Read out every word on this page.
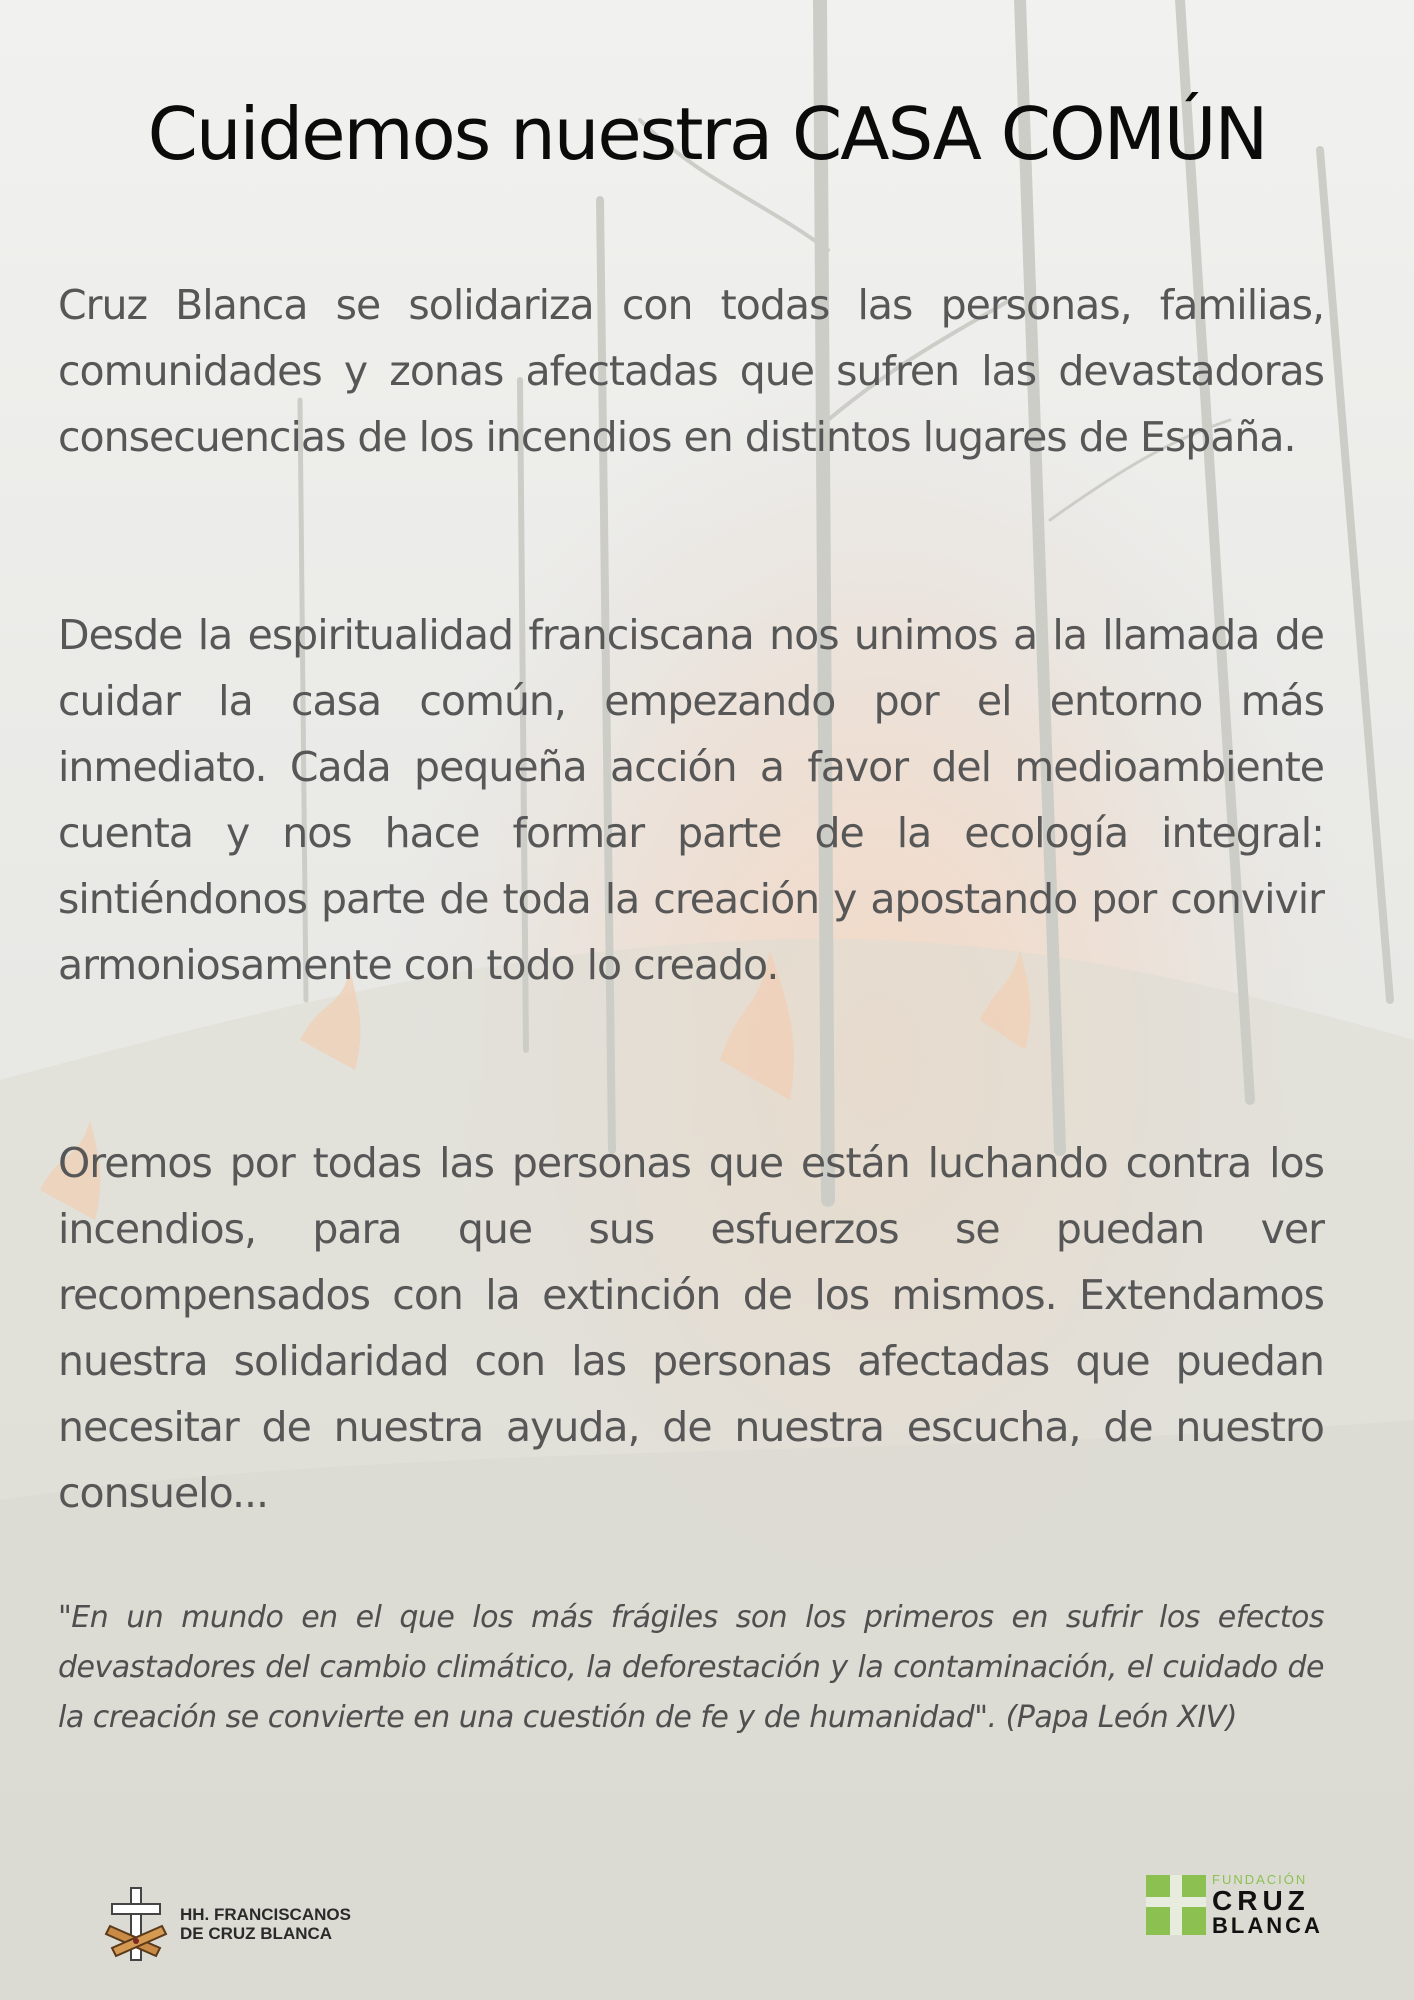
Cuidemos nuestra CASA COMÚN

Cruz Blanca se solidariza con todas las personas, familias, comunidades y zonas afectadas que sufren las devastadoras consecuencias de los incendios en distintos lugares de España.

Desde la espiritualidad franciscana nos unimos a la llamada de cuidar la casa común, empezando por el entorno más inmediato. Cada pequeña acción a favor del medioambiente cuenta y nos hace formar parte de la ecología integral: sintiéndonos parte de toda la creación y apostando por convivir armoniosamente con todo lo creado.

Oremos por todas las personas que están luchando contra los incendios, para que sus esfuerzos se puedan ver recompensados con la extinción de los mismos. Extendamos nuestra solidaridad con las personas afectadas que puedan necesitar de nuestra ayuda, de nuestra escucha, de nuestro consuelo...

"En un mundo en el que los más frágiles son los primeros en sufrir los efectos devastadores del cambio climático, la deforestación y la contaminación, el cuidado de la creación se convierte en una cuestión de fe y de humanidad". (Papa León XIV)

HH. FRANCISCANOS
DE CRUZ BLANCA
FUNDACIÓN
CRUZ
BLANCA
